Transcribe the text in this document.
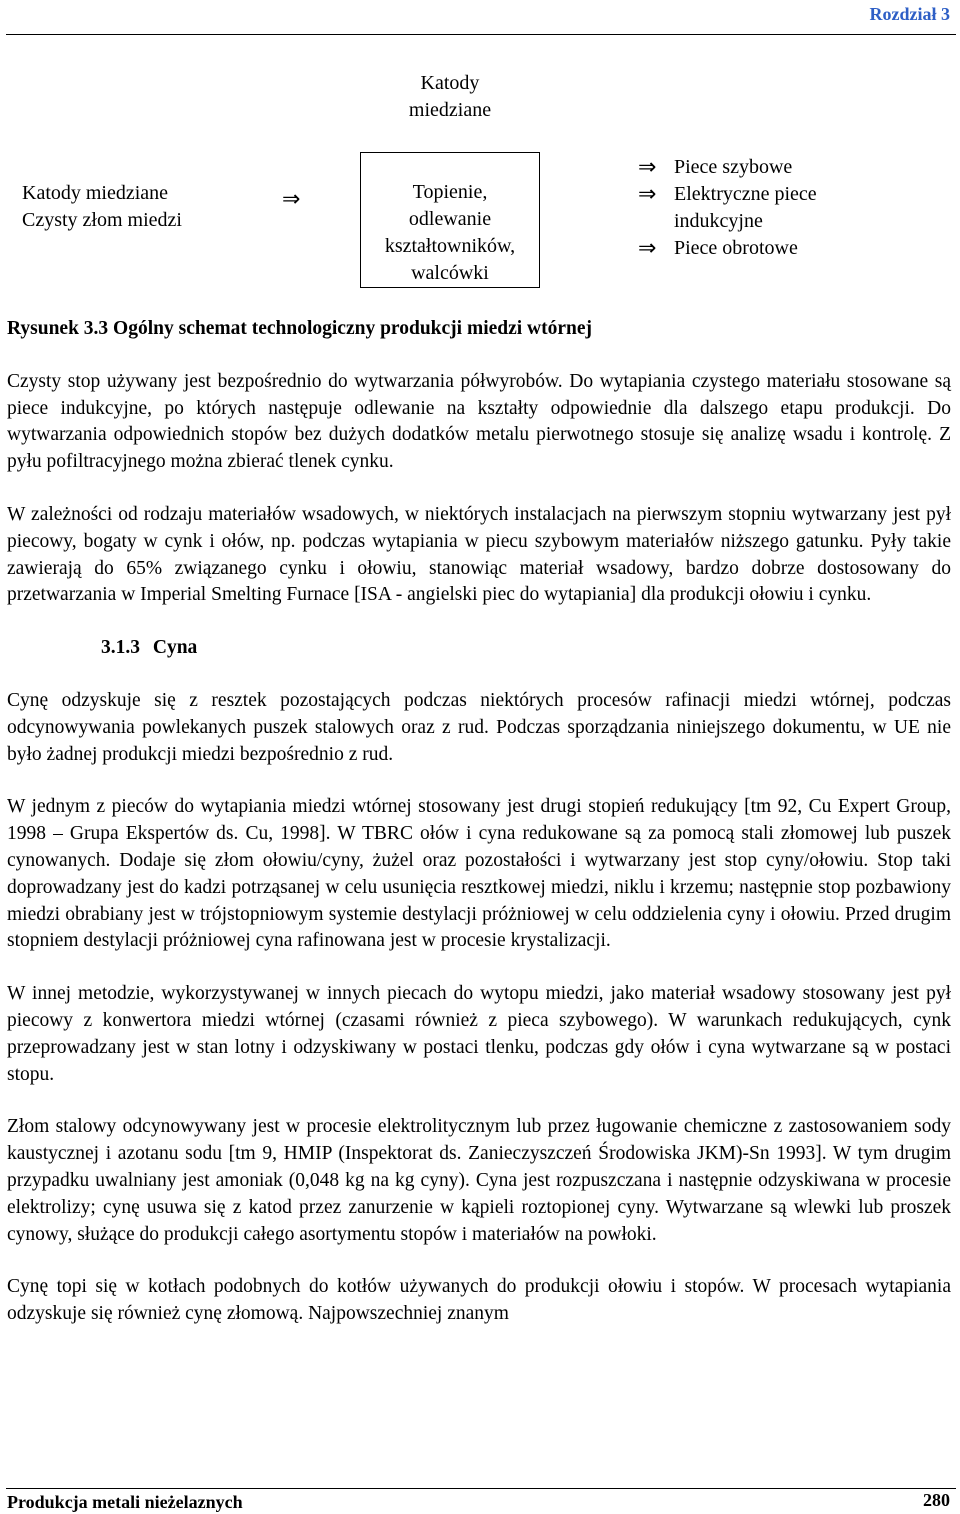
Rozdział 3
Katody
miedziane
Katody miedziane
Czysty złom miedzi
⇒	Topienie,
odlewanie
kształtowników,
walcówki
⇒ Piece szybowe
⇒ Elektryczne piece
indukcyjne
⇒ Piece obrotowe
Rysunek 3.3 Ogólny schemat technologiczny produkcji miedzi wtórnej

Czysty stop używany jest bezpośrednio do wytwarzania półwyrobów. Do wytapiania czystego materiału stosowane są piece indukcyjne, po których następuje odlewanie na kształty odpowiednie dla dalszego etapu produkcji. Do wytwarzania odpowiednich stopów bez dużych dodatków metalu pierwotnego stosuje się analizę wsadu i kontrolę. Z pyłu pofiltracyjnego można zbierać tlenek cynku.

W zależności od rodzaju materiałów wsadowych, w niektórych instalacjach na pierwszym stopniu wytwarzany jest pył piecowy, bogaty w cynk i ołów, np. podczas wytapiania w piecu szybowym materiałów niższego gatunku. Pyły takie zawierają do 65% związanego cynku i ołowiu, stanowiąc materiał wsadowy, bardzo dobrze dostosowany do przetwarzania w Imperial Smelting Furnace [ISA - angielski piec do wytapiania] dla produkcji ołowiu i cynku.

3.1.3 Cyna

Cynę odzyskuje się z resztek pozostających podczas niektórych procesów rafinacji miedzi wtórnej, podczas odcynowywania powlekanych puszek stalowych oraz z rud. Podczas sporządzania niniejszego dokumentu, w UE nie było żadnej produkcji miedzi bezpośrednio z rud.

W jednym z pieców do wytapiania miedzi wtórnej stosowany jest drugi stopień redukujący [tm 92, Cu Expert Group, 1998 – Grupa Ekspertów ds. Cu, 1998]. W TBRC ołów i cyna redukowane są za pomocą stali złomowej lub puszek cynowanych. Dodaje się złom ołowiu/cyny, żużel oraz pozostałości i wytwarzany jest stop cyny/ołowiu. Stop taki doprowadzany jest do kadzi potrząsanej w celu usunięcia resztkowej miedzi, niklu i krzemu; następnie stop pozbawiony miedzi obrabiany jest w trójstopniowym systemie destylacji próżniowej w celu oddzielenia cyny i ołowiu. Przed drugim stopniem destylacji próżniowej cyna rafinowana jest w procesie krystalizacji.

W innej metodzie, wykorzystywanej w innych piecach do wytopu miedzi, jako materiał wsadowy stosowany jest pył piecowy z konwertora miedzi wtórnej (czasami również z pieca szybowego). W warunkach redukujących, cynk przeprowadzany jest w stan lotny i odzyskiwany w postaci tlenku, podczas gdy ołów i cyna wytwarzane są w postaci stopu.

Złom stalowy odcynowywany jest w procesie elektrolitycznym lub przez ługowanie chemiczne z zastosowaniem sody kaustycznej i azotanu sodu [tm 9, HMIP (Inspektorat ds. Zanieczyszczeń Środowiska JKM)-Sn 1993]. W tym drugim przypadku uwalniany jest amoniak (0,048 kg na kg cyny). Cyna jest rozpuszczana i następnie odzyskiwana w procesie elektrolizy; cynę usuwa się z katod przez zanurzenie w kąpieli roztopionej cyny. Wytwarzane są wlewki lub proszek cynowy, służące do produkcji całego asortymentu stopów i materiałów na powłoki.

Cynę topi się w kotłach podobnych do kotłów używanych do produkcji ołowiu i stopów. W procesach wytapiania odzyskuje się również cynę złomową. Najpowszechniej znanym

Produkcja metali nieżelaznych	280
